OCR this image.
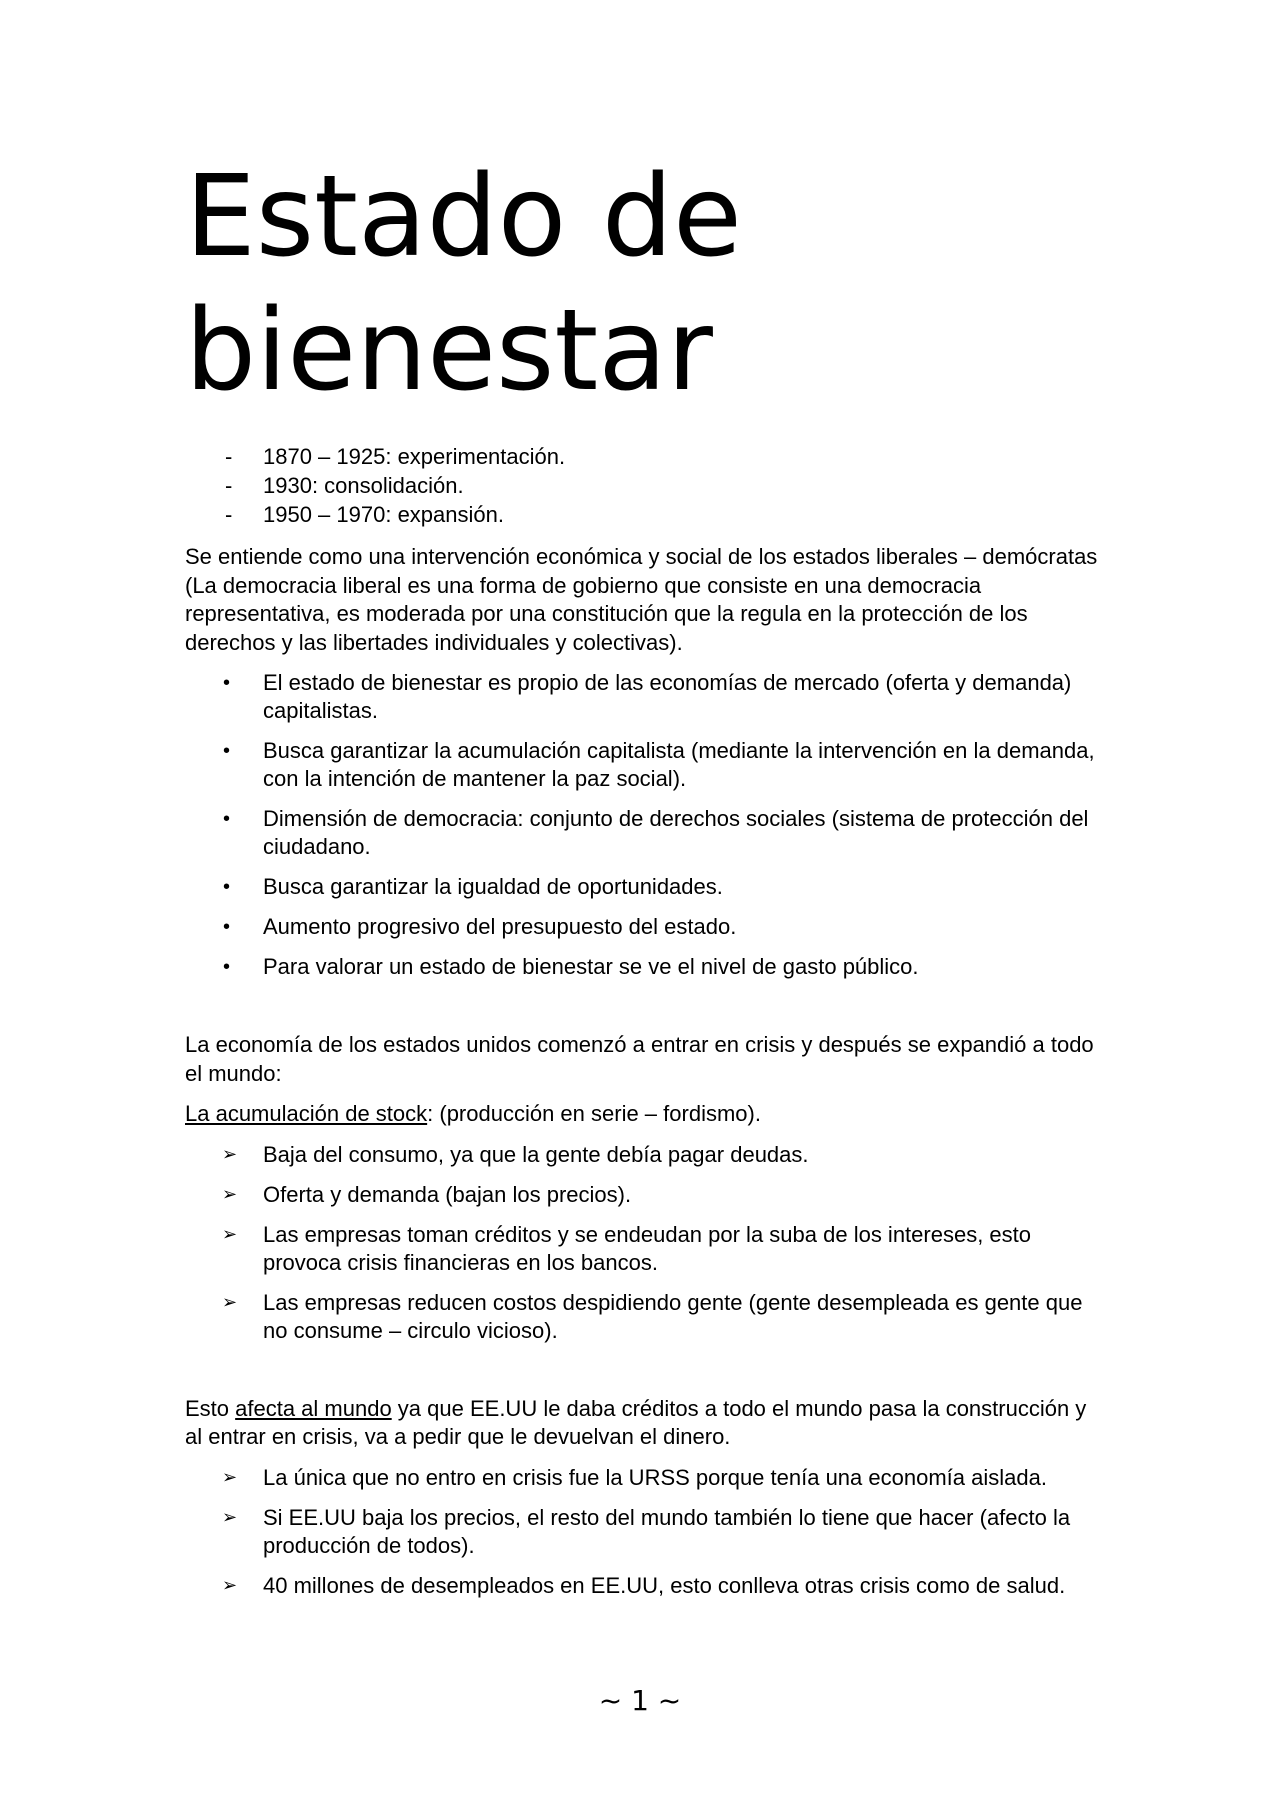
Estado de
bienestar
- 1870 – 1925: experimentación.
- 1930: consolidación.
- 1950 – 1970: expansión.

Se entiende como una intervención económica y social de los estados liberales – demócratas (La democracia liberal es una forma de gobierno que consiste en una democracia representativa, es moderada por una constitución que la regula en la protección de los derechos y las libertades individuales y colectivas).

• El estado de bienestar es propio de las economías de mercado (oferta y demanda) capitalistas.
• Busca garantizar la acumulación capitalista (mediante la intervención en la demanda, con la intención de mantener la paz social).
• Dimensión de democracia: conjunto de derechos sociales (sistema de protección del ciudadano.
• Busca garantizar la igualdad de oportunidades.
• Aumento progresivo del presupuesto del estado.
• Para valorar un estado de bienestar se ve el nivel de gasto público.

La economía de los estados unidos comenzó a entrar en crisis y después se expandió a todo el mundo:

La acumulación de stock: (producción en serie – fordismo).

➢ Baja del consumo, ya que la gente debía pagar deudas.
➢ Oferta y demanda (bajan los precios).
➢ Las empresas toman créditos y se endeudan por la suba de los intereses, esto provoca crisis financieras en los bancos.
➢ Las empresas reducen costos despidiendo gente (gente desempleada es gente que no consume – circulo vicioso).

Esto afecta al mundo ya que EE.UU le daba créditos a todo el mundo pasa la construcción y al entrar en crisis, va a pedir que le devuelvan el dinero.

➢ La única que no entro en crisis fue la URSS porque tenía una economía aislada.
➢ Si EE.UU baja los precios, el resto del mundo también lo tiene que hacer (afecto la producción de todos).
➢ 40 millones de desempleados en EE.UU, esto conlleva otras crisis como de salud.
~ 1 ~
